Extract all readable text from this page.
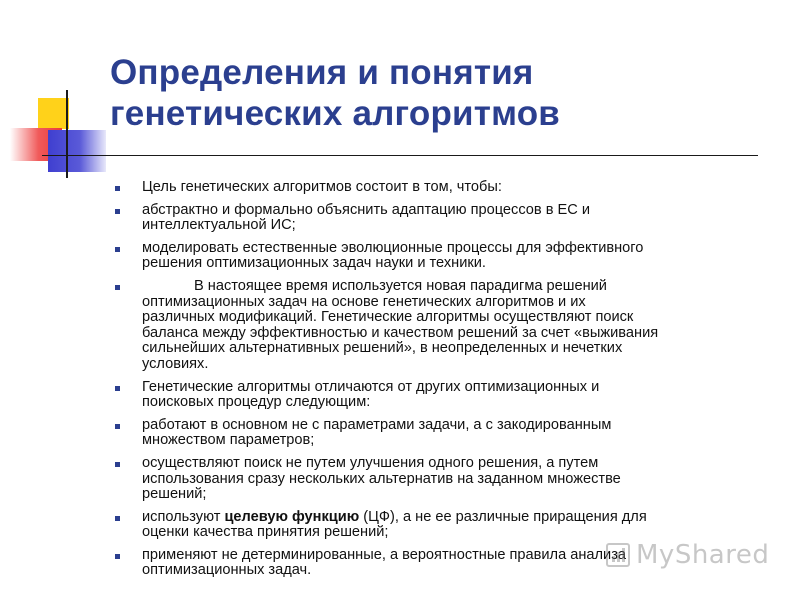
Определения и понятия
генетических алгоритмов
Цель генетических алгоритмов состоит в том, чтобы:
абстрактно и формально объяснить адаптацию процессов в ЕС и
интеллектуальной ИС;
моделировать естественные эволюционные процессы для эффективного
решения оптимизационных задач науки и техники.
В настоящее время используется новая парадигма решений
оптимизационных задач на основе генетических алгоритмов и их
различных модификаций. Генетические алгоритмы осуществляют поиск
баланса между эффективностью и качеством решений за счет «выживания
сильнейших альтернативных решений», в неопределенных и нечетких
условиях.
Генетические алгоритмы отличаются от других оптимизационных и
поисковых процедур следующим:
работают в основном не с параметрами задачи, а с закодированным
множеством параметров;
осуществляют поиск не путем улучшения одного решения, а путем
использования сразу нескольких альтернатив на заданном множестве
решений;
используют целевую функцию (ЦФ), а не ее различные приращения для
оценки качества принятия решений;
применяют не детерминированные, а вероятностные правила анализа
оптимизационных задач.
MyShared
